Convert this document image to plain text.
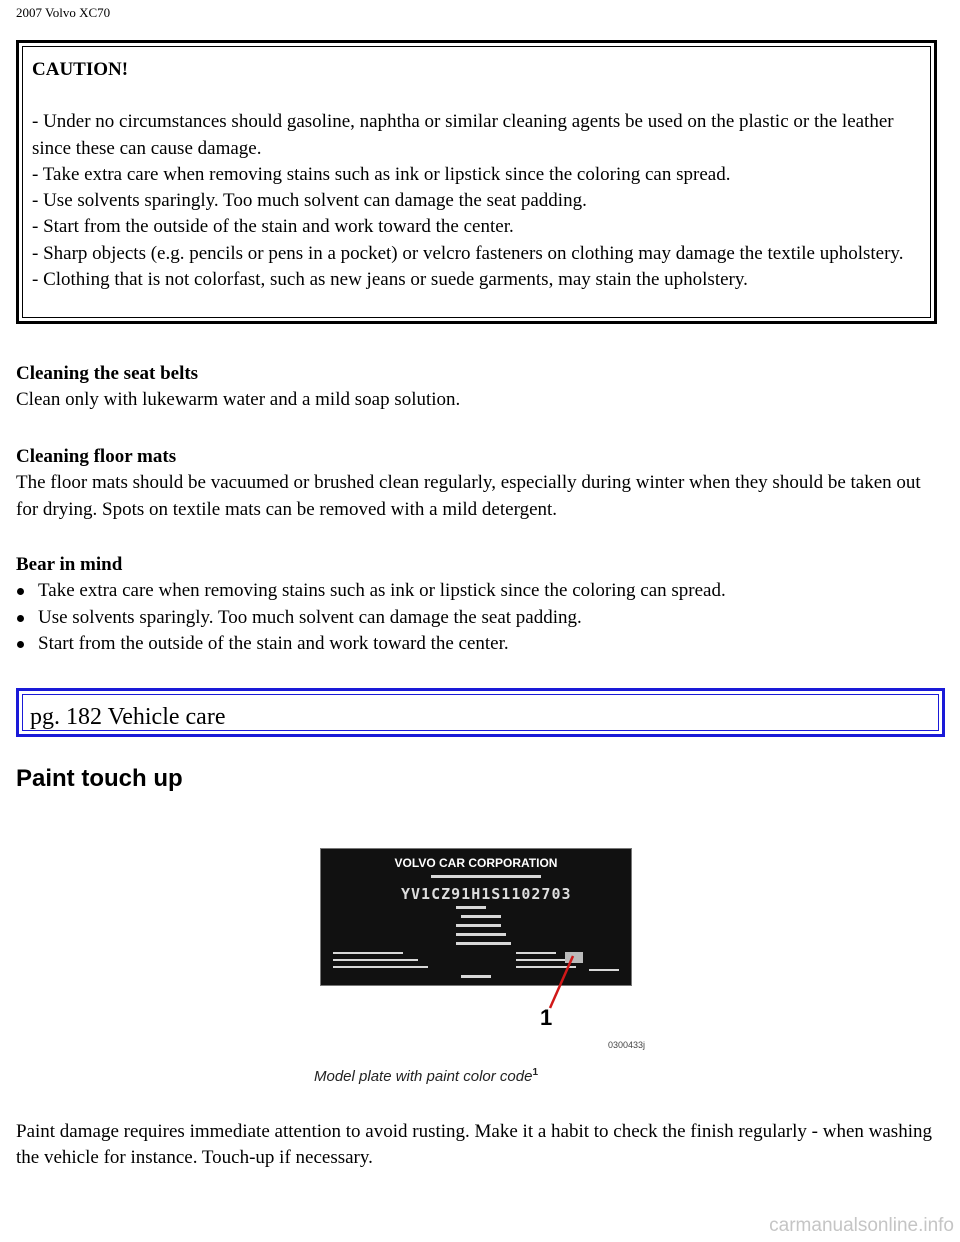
2007 Volvo XC70
CAUTION!

- Under no circumstances should gasoline, naphtha or similar cleaning agents be used on the plastic or the leather since these can cause damage.

- Take extra care when removing stains such as ink or lipstick since the coloring can spread.

- Use solvents sparingly. Too much solvent can damage the seat padding.

- Start from the outside of the stain and work toward the center.

- Sharp objects (e.g. pencils or pens in a pocket) or velcro fasteners on clothing may damage the textile upholstery.

- Clothing that is not colorfast, such as new jeans or suede garments, may stain the upholstery.

Cleaning the seat belts

Clean only with lukewarm water and a mild soap solution.

Cleaning floor mats

The floor mats should be vacuumed or brushed clean regularly, especially during winter when they should be taken out for drying. Spots on textile mats can be removed with a mild detergent.

Bear in mind
Take extra care when removing stains such as ink or lipstick since the coloring can spread.
Use solvents sparingly. Too much solvent can damage the seat padding.
Start from the outside of the stain and work toward the center.
pg. 182 Vehicle care
Paint touch up
VOLVO CAR CORPORATION
YV1CZ91H1S1102703
1
0300433j
Model plate with paint color code$^1$

Paint damage requires immediate attention to avoid rusting. Make it a habit to check the finish regularly - when washing the vehicle for instance. Touch-up if necessary.

carmanualsonline.info
